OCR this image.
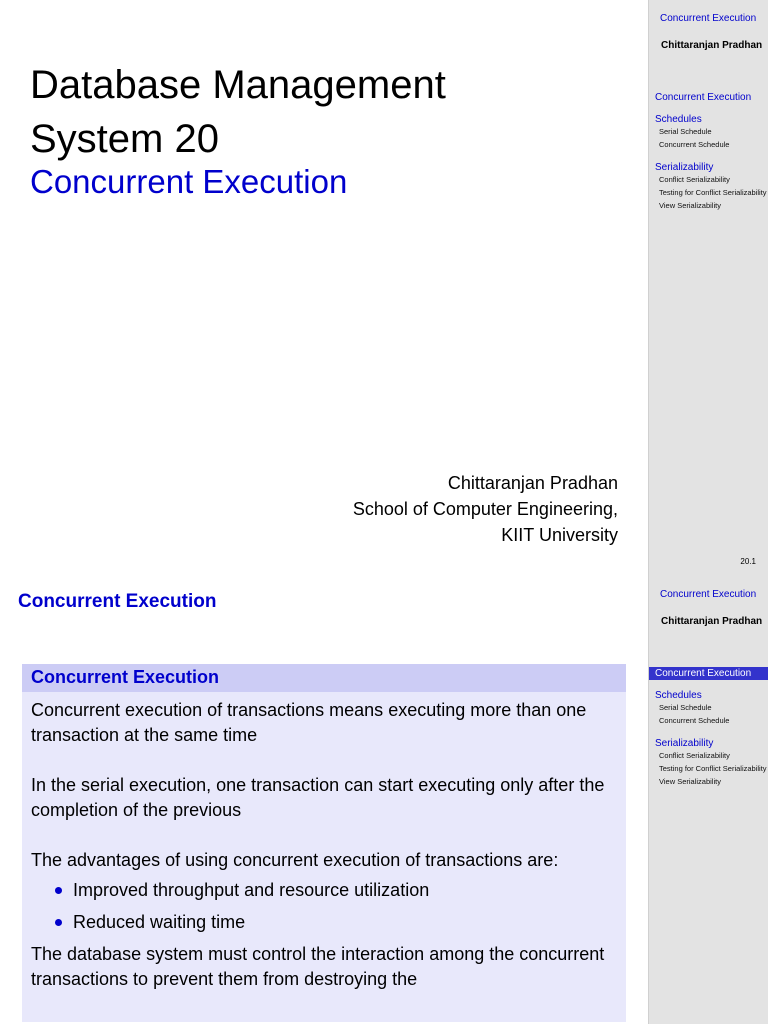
Database Management
System 20
Concurrent Execution
Chittaranjan Pradhan
School of Computer Engineering,
KIIT University
Concurrent Execution
Chittaranjan Pradhan
Concurrent Execution
Schedules
Serial Schedule
Concurrent Schedule
Serializability
Conflict Serializability
Testing for Conflict Serializability
View Serializability
20.1
Concurrent Execution
Concurrent Execution

Concurrent execution of transactions means executing more than one transaction at the same time

In the serial execution, one transaction can start executing only after the completion of the previous

The advantages of using concurrent execution of transactions are:

Improved throughput and resource utilization
Reduced waiting time

The database system must control the interaction among the concurrent transactions to prevent them from destroying the

Concurrent Execution
Chittaranjan Pradhan
Concurrent Execution
Schedules
Serial Schedule
Concurrent Schedule
Serializability
Conflict Serializability
Testing for Conflict Serializability
View Serializability
